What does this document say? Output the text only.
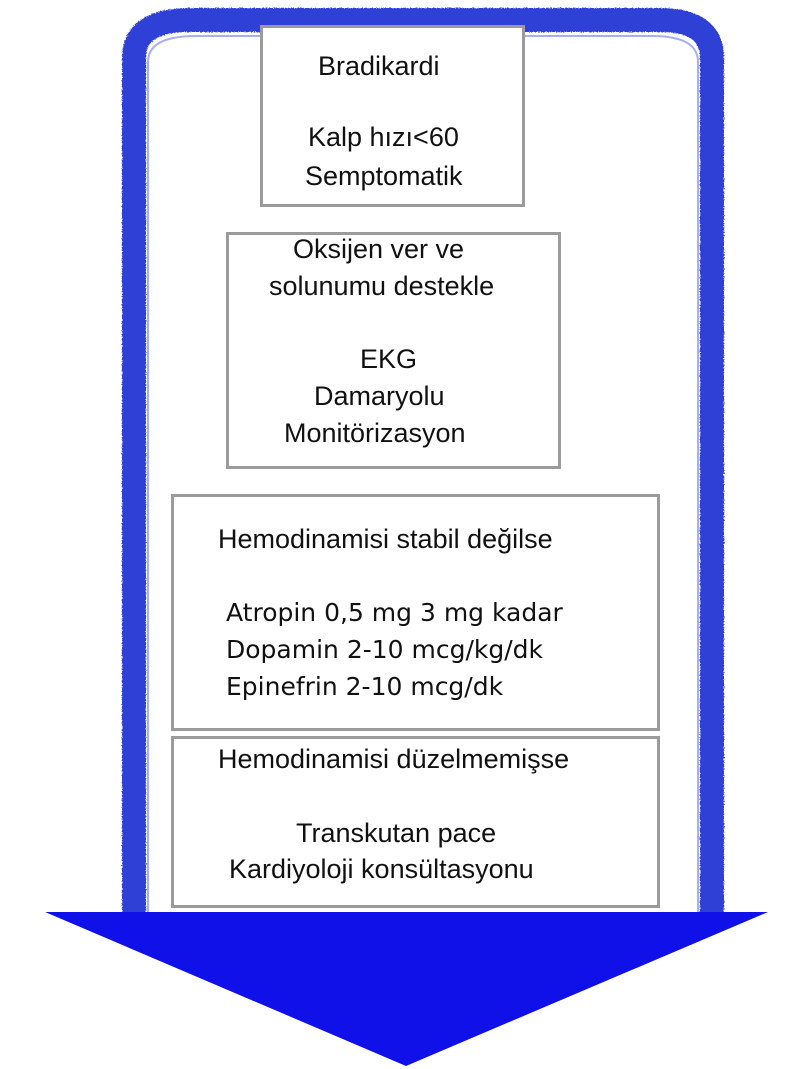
Bradikardi

Kalp hızı<60

Semptomatik

Oksijen ver ve

solunumu destekle

EKG

Damaryolu

Monitörizasyon

Hemodinamisi stabil değilse

Atropin 0,5 mg 3 mg kadar

Dopamin 2-10 mcg/kg/dk

Epinefrin 2-10 mcg/dk

Hemodinamisi düzelmemişse

Transkutan pace

Kardiyoloji konsültasyonu
